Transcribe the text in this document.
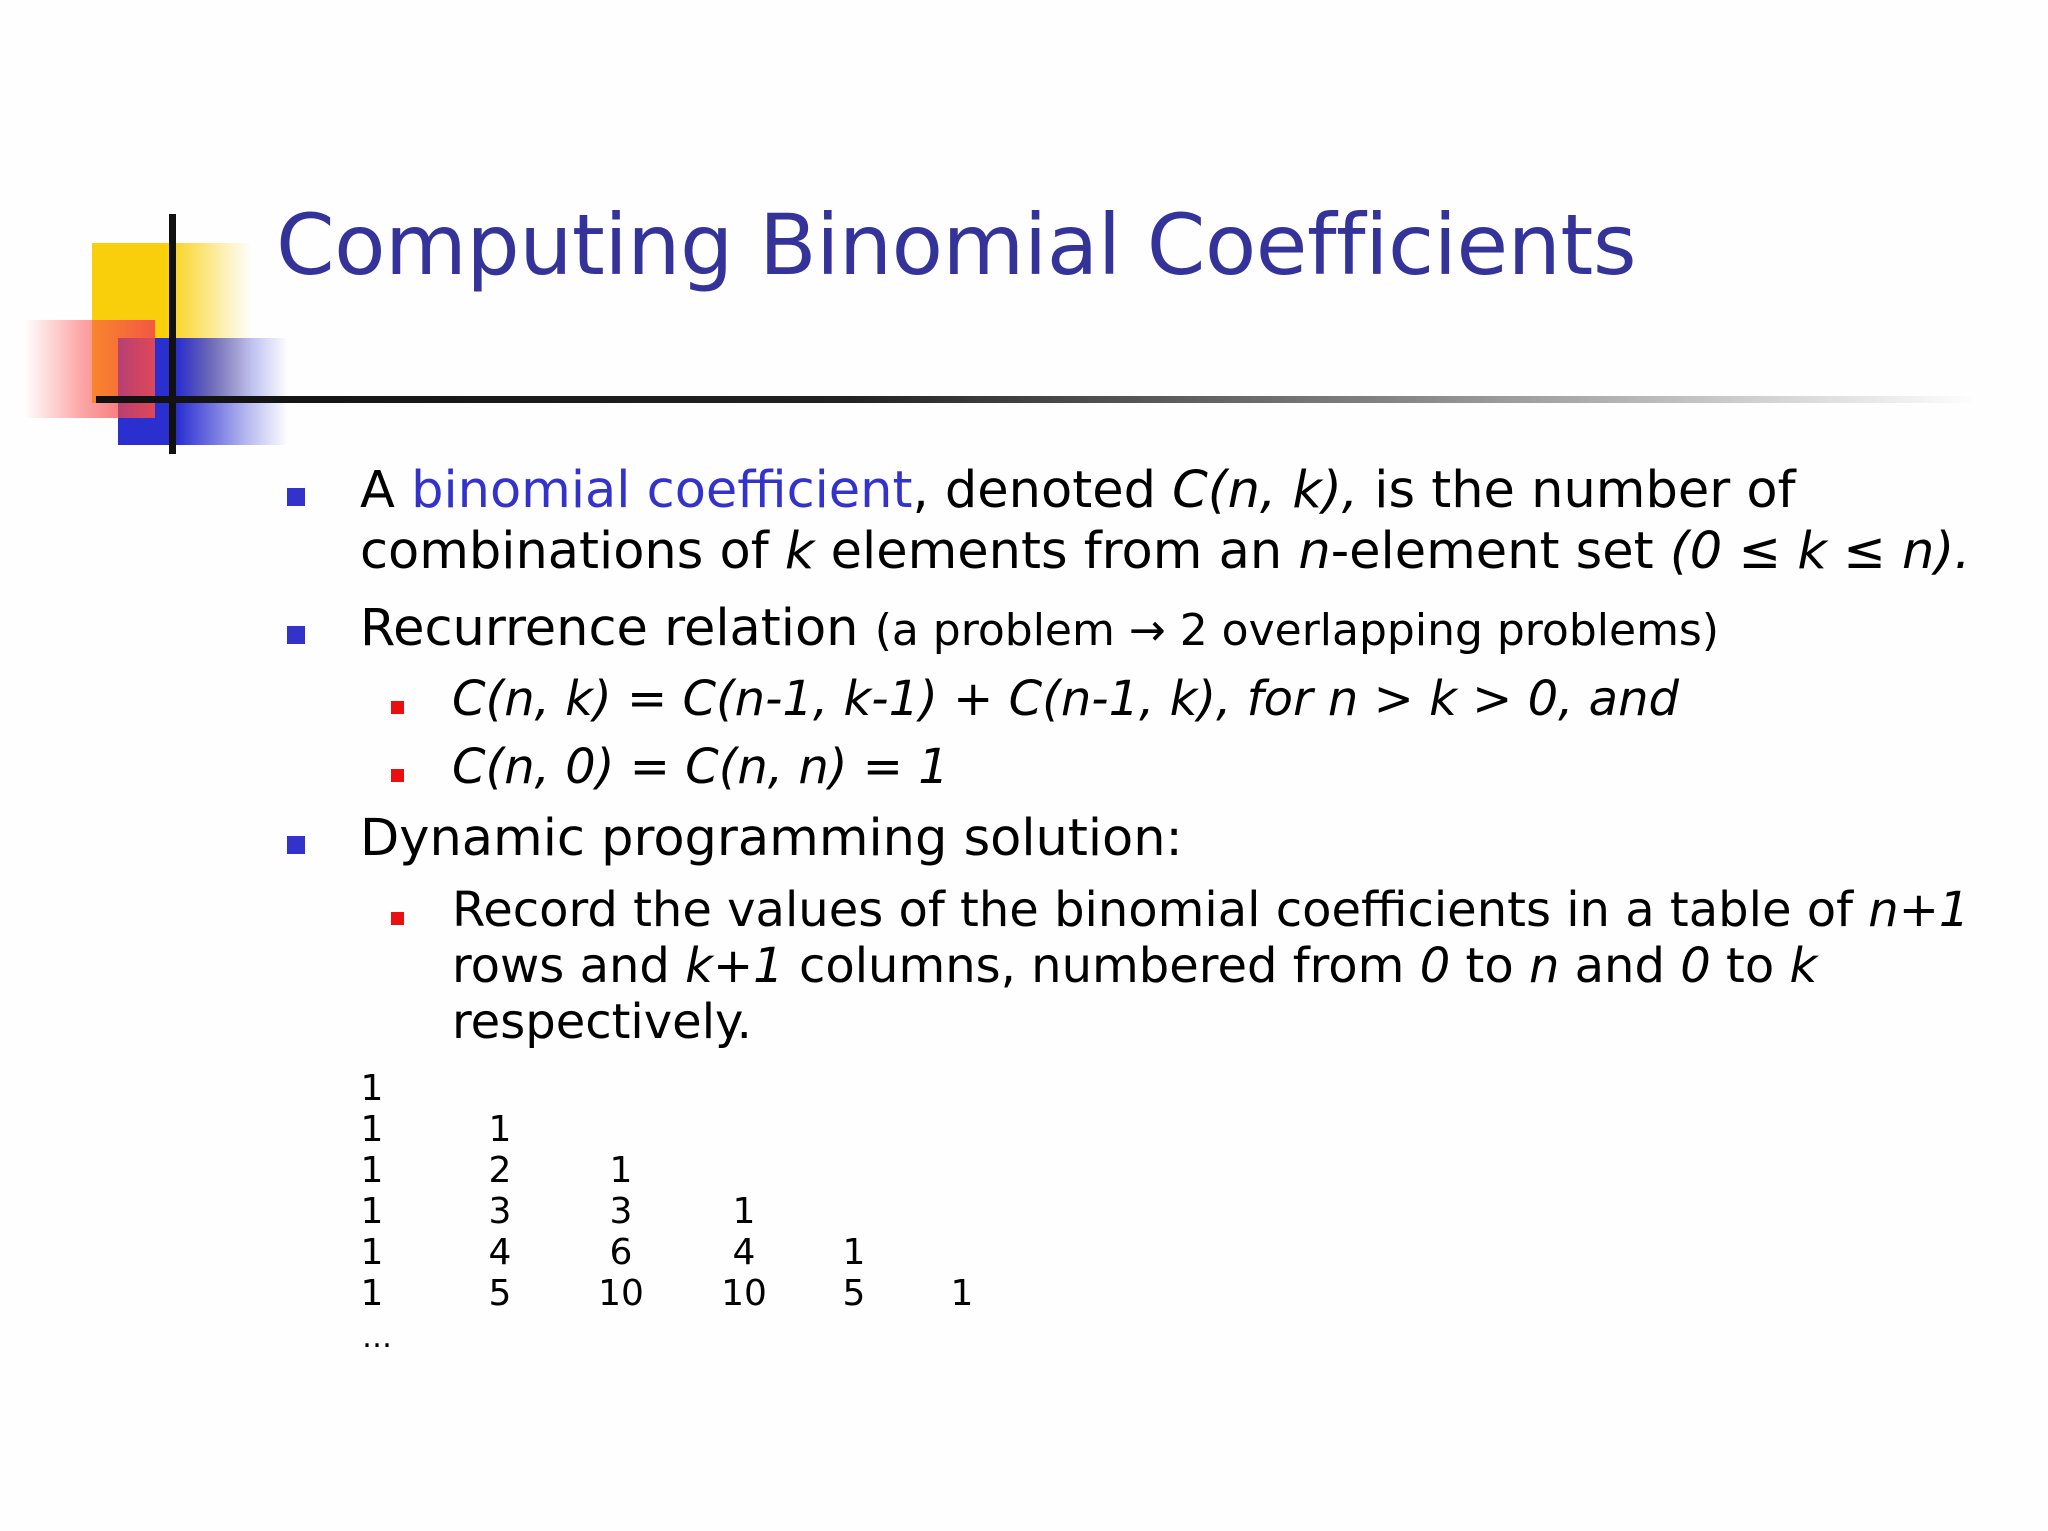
Computing Binomial Coefficients
A binomial coefficient, denoted C(n, k), is the number of
combinations of k elements from an n-element set (0 ≤ k ≤ n).
Recurrence relation (a problem → 2 overlapping problems)
C(n, k) = C(n-1, k-1) + C(n-1, k), for n > k > 0, and
C(n, 0) = C(n, n) = 1
Dynamic programming solution:
Record the values of the binomial coefficients in a table of n+1
rows and k+1 columns, numbered from 0 to n and 0 to k
respectively.
1
1	1
1	2	1
1	3	3	1
1	4	6	4	1
1	5	10 10	5	1
…
